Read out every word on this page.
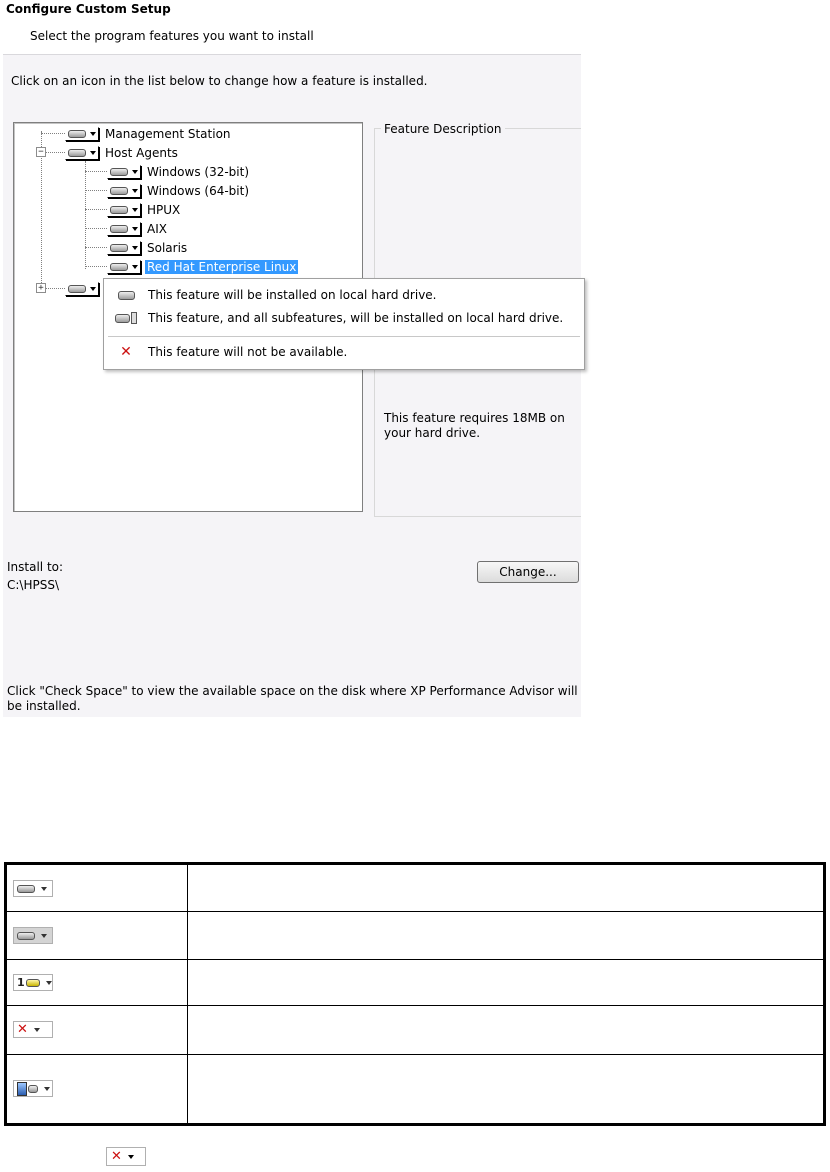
Configure Custom Setup
Select the program features you want to install
Click on an icon in the list below to change how a feature is installed.
−
+
Management Station
Host Agents
Windows (32-bit)
Windows (64-bit)
HPUX
AIX
Solaris
Red Hat Enterprise Linux
Feature Description
This feature requires 18MB on your hard drive.
This feature will be installed on local hard drive.
This feature, and all subfeatures, will be installed on local hard drive.
✕ This feature will not be available.
Install to:
C:\HPSS\
Change...
Click "Check Space" to view the available space on the disk where XP Performance Advisor will be installed.
1
✕
✕
